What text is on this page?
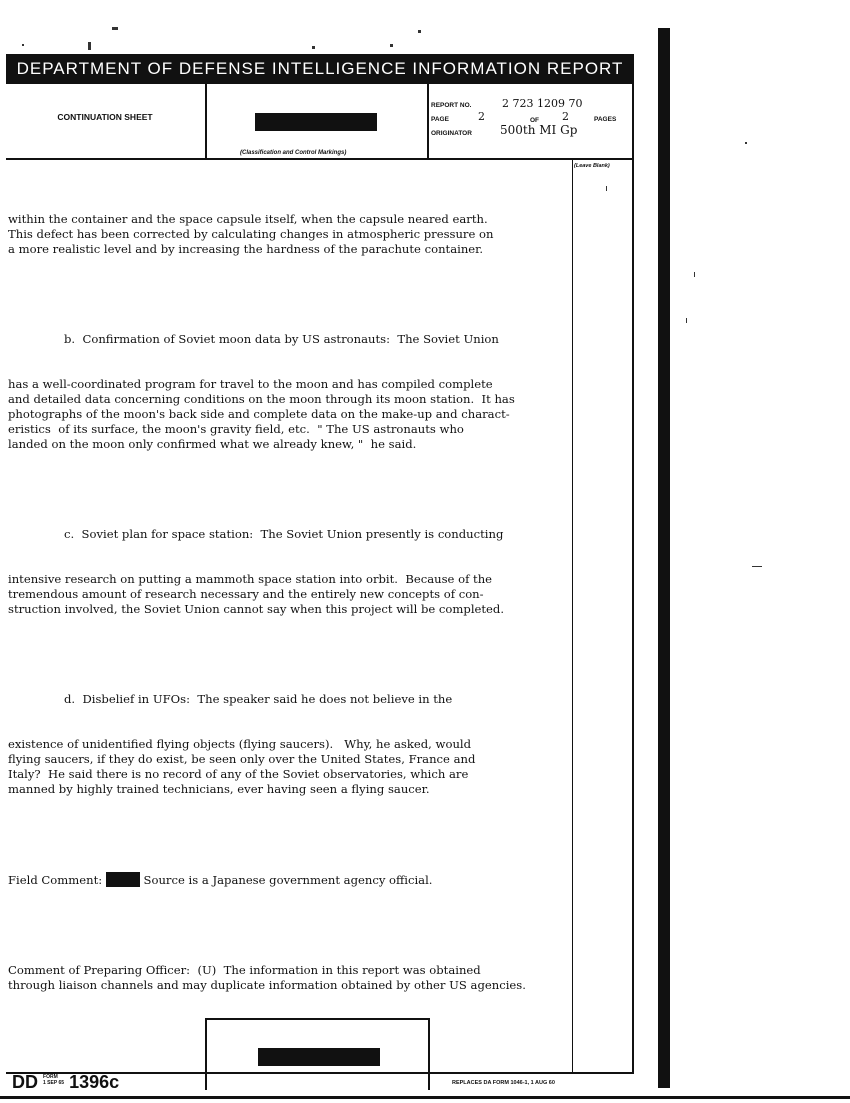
DEPARTMENT OF DEFENSE INTELLIGENCE INFORMATION REPORT
CONTINUATION SHEET
(Classification and Control Markings)
REPORT NO.	2 723 1209 70
PAGE	2	OF 2	PAGES
ORIGINATOR 500th MI Gp
(Leave Blank)

within the container and the space capsule itself, when the capsule neared earth.
This defect has been corrected by calculating changes in atmospheric pressure on
a more realistic level and by increasing the hardness of the parachute container.

b.  Confirmation of Soviet moon data by US astronauts:  The Soviet Union

has a well-coordinated program for travel to the moon and has compiled complete
and detailed data concerning conditions on the moon through its moon station.  It has
photographs of the moon's back side and complete data on the make-up and charact-
eristics  of its surface, the moon's gravity field, etc.  " The US astronauts who
landed on the moon only confirmed what we already knew, "  he said.

c.  Soviet plan for space station:  The Soviet Union presently is conducting

intensive research on putting a mammoth space station into orbit.  Because of the
tremendous amount of research necessary and the entirely new concepts of con-
struction involved, the Soviet Union cannot say when this project will be completed.

d.  Disbelief in UFOs:  The speaker said he does not believe in the

existence of unidentified flying objects (flying saucers).   Why, he asked, would
flying saucers, if they do exist, be seen only over the United States, France and
Italy?  He said there is no record of any of the Soviet observatories, which are
manned by highly trained technicians, ever having seen a flying saucer.

Field Comment:	Source is a Japanese government agency official.

Comment of Preparing Officer:  (U)  The information in this report was obtained
through liaison channels and may duplicate information obtained by other US agencies.

DD FORM
1 SEP 65 1396c	REPLACES DA FORM 1046-1, 1 AUG 60
